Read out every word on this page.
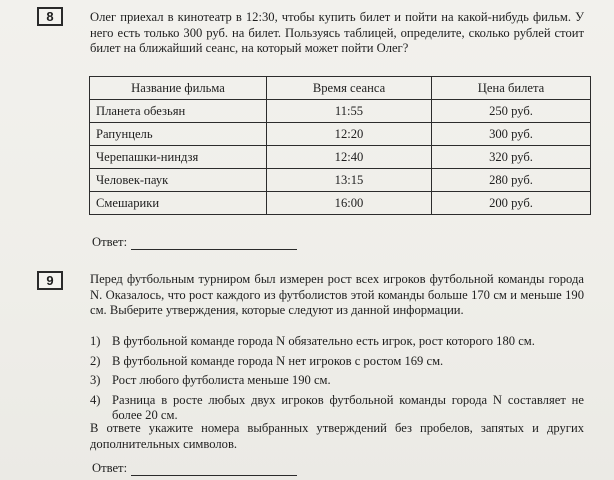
8	Олег приехал в кинотеатр в 12:30, чтобы купить билет и пойти на какой-нибудь фильм. У него есть только 300 руб. на билет. Пользуясь таблицей, определите, сколько рублей стоит билет на ближайший сеанс, на который может пойти Олег?
Название фильма	Время сеанса	Цена билета
Планета обезьян	11:55	250 руб.
Рапунцель	12:20	300 руб.
Черепашки-ниндзя	12:40	320 руб.
Человек-паук	13:15	280 руб.
Смешарики	16:00	200 руб.
Ответ:
9	Перед футбольным турниром был измерен рост всех игроков футбольной команды города N. Оказалось, что рост каждого из футболистов этой команды больше 170 см и меньше 190 см. Выберите утверждения, которые следуют из данной информации.
1) В футбольной команде города N обязательно есть игрок, рост которого 180 см.
2) В футбольной команде города N нет игроков с ростом 169 см.
3) Рост любого футболиста меньше 190 см.
4) Разница в росте любых двух игроков футбольной команды города N составляет не более 20 см.
В ответе укажите номера выбранных утверждений без пробелов, запятых и других дополнительных символов.
Ответ:
